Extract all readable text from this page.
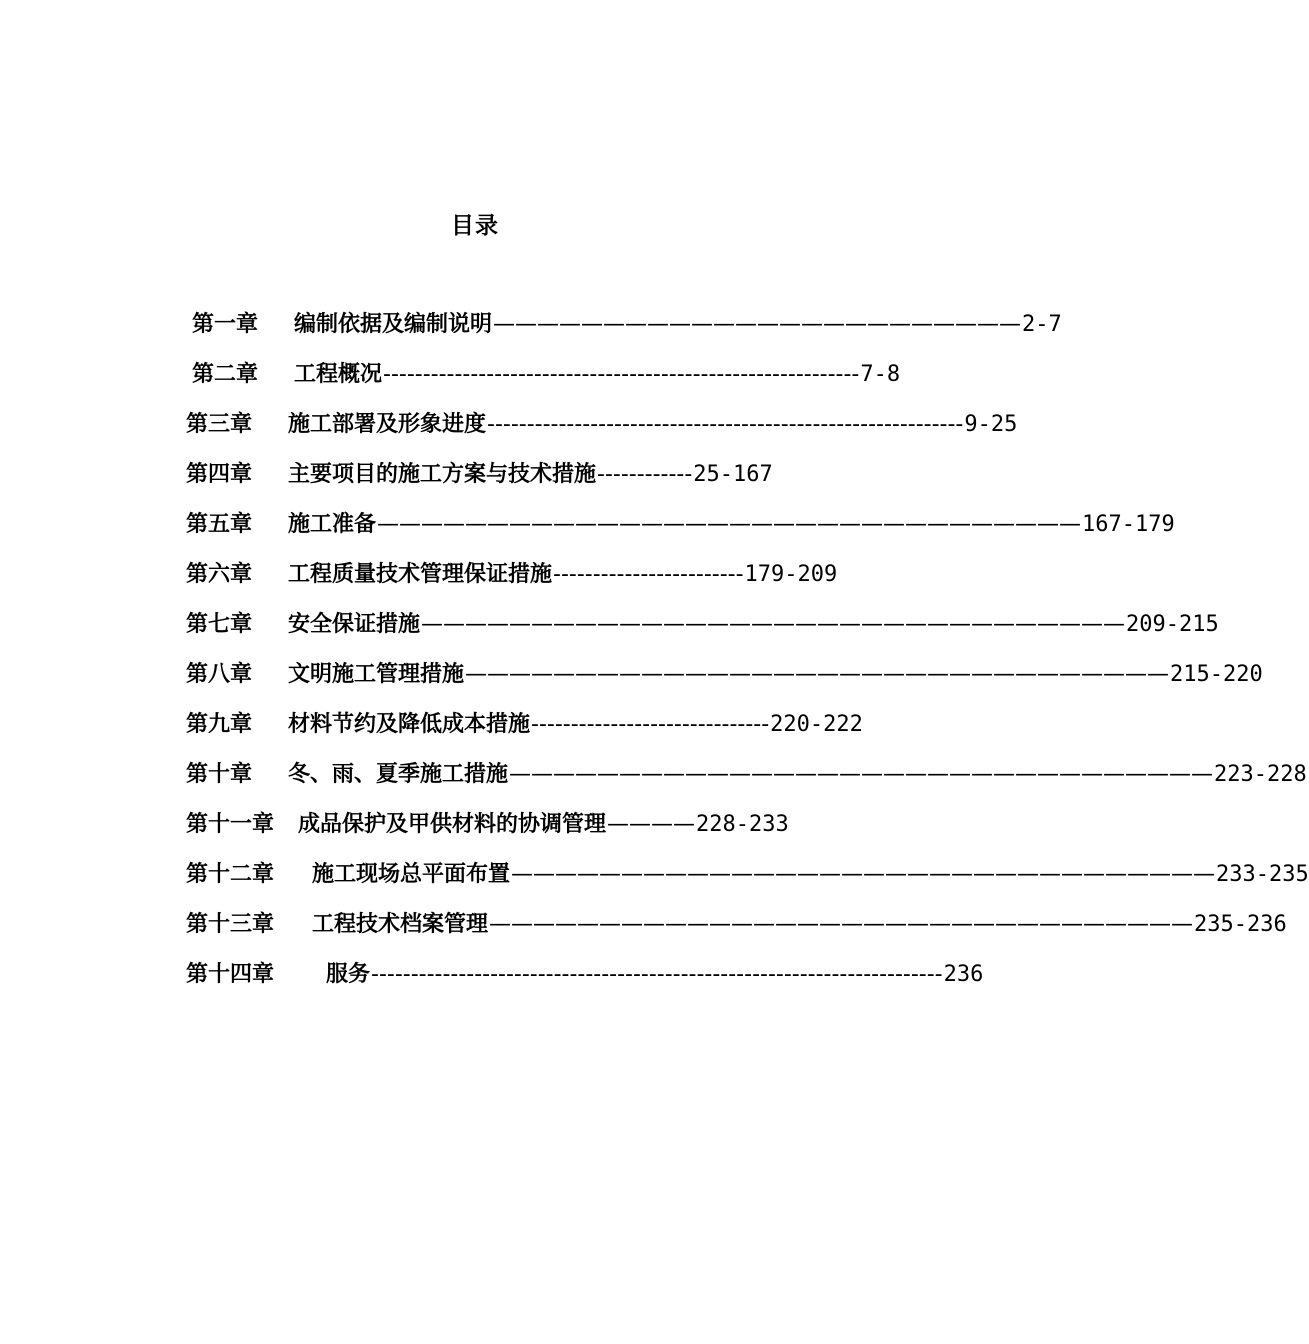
目录
第一章 编制依据及编制说明 ———————————————————————— 2-7
第二章 工程概况 ------------------------------------------------------------ 7-8
第三章 施工部署及形象进度 ------------------------------------------------------------ 9-25
第四章 主要项目的施工方案与技术措施 ------------ 25-167
第五章 施工准备 ———————————————————————————————— 167-179
第六章 工程质量技术管理保证措施 ------------------------ 179-209
第七章 安全保证措施 ———————————————————————————————— 209-215
第八章 文明施工管理措施 ———————————————————————————————— 215-220
第九章 材料节约及降低成本措施 ------------------------------ 220-222
第十章 冬、雨、夏季施工措施 ———————————————————————————————— 223-228
第十一章 成品保护及甲供材料的协调管理 ———— 228-233
第十二章 施工现场总平面布置 ———————————————————————————————— 233-235
第十三章 工程技术档案管理 ———————————————————————————————— 235-236
第十四章 服务 ------------------------------------------------------------------------ 236
